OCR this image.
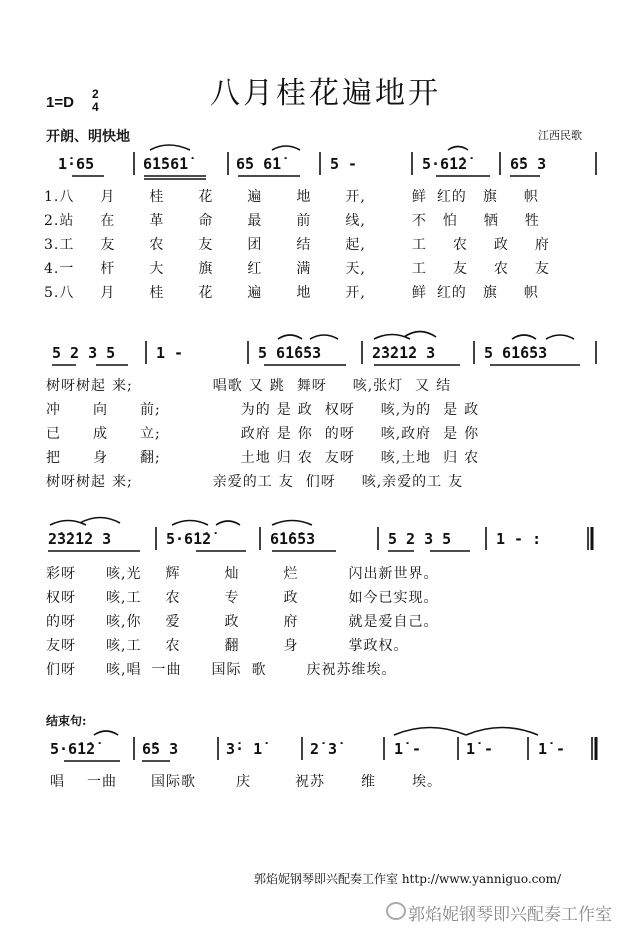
八月桂花遍地开
1=D 2
4
开朗、明快地	江西民歌
1̇·65	6̇1̇56̇1̇	6̇5 6̇1̇	5 -	5·6̇1̇2̇	6̇5 3
1.八 月 桂 花 遍 地 开,	鲜 红的 旗 帜
2.站 在 革 命 最 前 线,	不 怕 牺 牲
3.工 友 农 友 团 结 起,	工 农 政 府
4.一 杆 大 旗 红 满 天,	工 友 农 友
5.八 月 桂 花 遍 地 开,	鲜 红的 旗 帜
5 2 3 5	1 -	5 6̇1̇6̇53	2̇3̇2̇1̇2 3	5 6̇1̇6̇53
树呀树起 来;	唱歌 又 跳 舞呀 咳,张灯 又 结
冲 向 前;	为的 是 政 权呀 咳,为的 是 政
已 成 立;	政府 是 你 的呀 咳,政府 是 你
把 身 翻;	土地 归 农 友呀 咳,土地 归 农
树呀树起 来;	亲爱的工 友 们呀 咳,亲爱的工 友
2̇3̇2̇1̇2 3	5·6̇1̇2̇	6̇1̇6̇53	5 2 3 5	1 - :
彩呀 咳,光 辉	灿	烂	闪出新世界。
权呀 咳,工 农	专	政	如今已实现。
的呀 咳,你 爱	政	府	就是爱自己。
友呀 咳,工 农	翻	身	掌政权。
们呀 咳,唱 一曲 国际 歌	庆祝苏维埃。
结束句:
5·6̇1̇2̇	6̇5 3	3̇· 1̇	2̇ 3̇	1̇ -	1̇ -	1̇ -
唱 一曲 国际歌	庆	祝苏	维	埃。
郭焰妮钢琴即兴配奏工作室 http://www.yanniguo.com/
郭焰妮钢琴即兴配奏工作室
